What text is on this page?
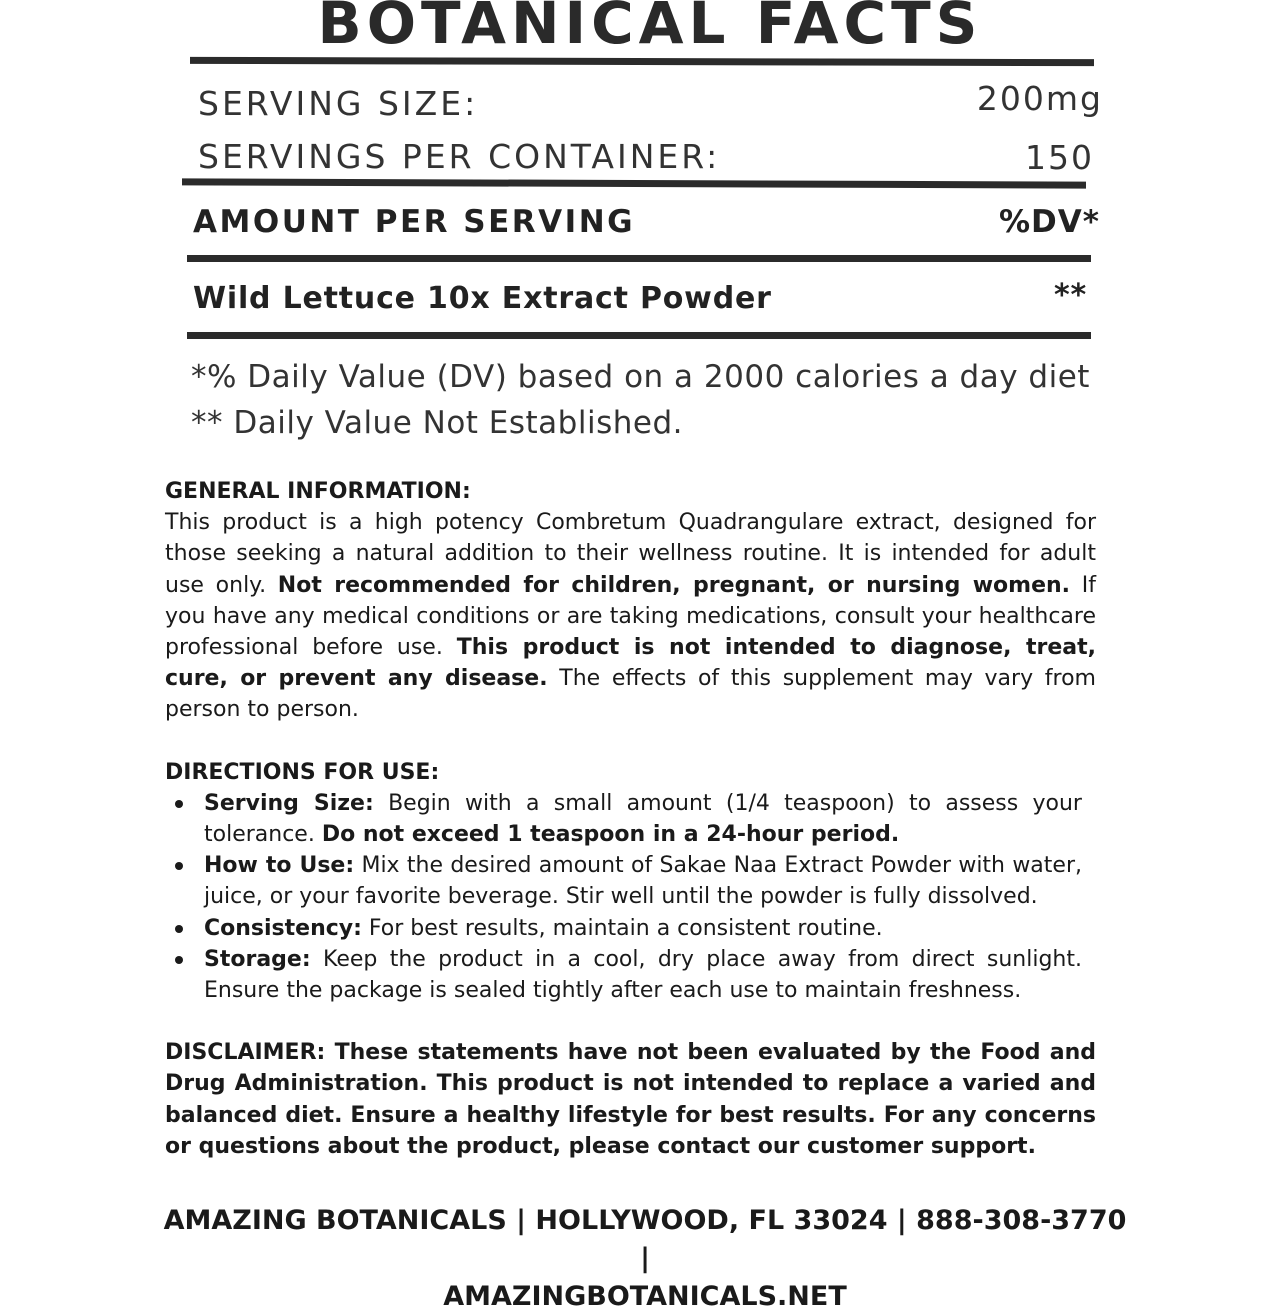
BOTANICAL FACTS
SERVING SIZE:	200mg
SERVINGS PER CONTAINER:	150
AMOUNT PER SERVING	%DV*
Wild Lettuce 10x Extract Powder	**
*% Daily Value (DV) based on a 2000 calories a day diet
** Daily Value Not Established.
GENERAL INFORMATION:

This product is a high potency Combretum Quadrangulare extract, designed for those seeking a natural addition to their wellness routine. It is intended for adult use only. Not recommended for children, pregnant, or nursing women. If you have any medical conditions or are taking medications, consult your healthcare professional before use. This product is not intended to diagnose, treat, cure, or prevent any disease. The effects of this supplement may vary from person to person.

DIRECTIONS FOR USE:
Serving Size: Begin with a small amount (1/4 teaspoon) to assess your tolerance. Do not exceed 1 teaspoon in a 24-hour period.
How to Use: Mix the desired amount of Sakae Naa Extract Powder with water, juice, or your favorite beverage. Stir well until the powder is fully dissolved.
Consistency: For best results, maintain a consistent routine.
Storage: Keep the product in a cool, dry place away from direct sunlight. Ensure the package is sealed tightly after each use to maintain freshness.

DISCLAIMER: These statements have not been evaluated by the Food and Drug Administration. This product is not intended to replace a varied and balanced diet. Ensure a healthy lifestyle for best results. For any concerns or questions about the product, please contact our customer support.

AMAZING BOTANICALS | HOLLYWOOD, FL 33024 | 888-308-3770 |
AMAZINGBOTANICALS.NET
